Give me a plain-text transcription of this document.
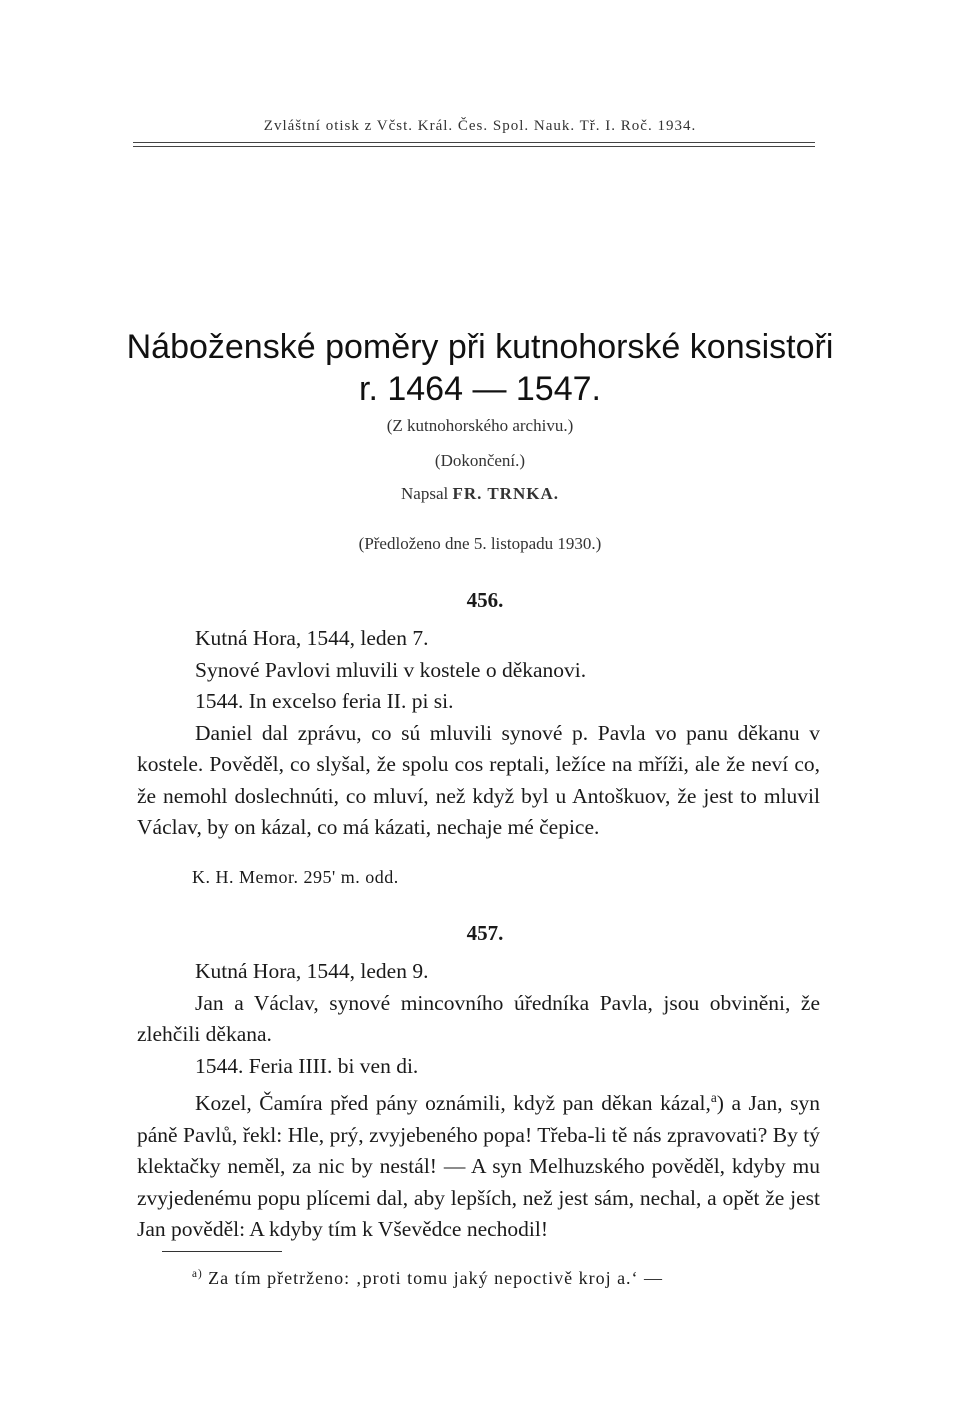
Zvláštní otisk z Včst. Král. Čes. Spol. Nauk. Tř. I. Roč. 1934.
Náboženské poměry při kutnohorské konsistoři
r. 1464 — 1547.
(Z kutnohorského archivu.)
(Dokončení.)
Napsal FR. TRNKA.
(Předloženo dne 5. listopadu 1930.)
456.

Kutná Hora, 1544, leden 7.

Synové Pavlovi mluvili v kostele o děkanovi.

1544. In excelso feria II. pi si.

Daniel dal zprávu, co sú mluvili synové p. Pavla vo panu děkanu v kostele. Pověděl, co slyšal, že spolu cos reptali, ležíce na mříži, ale že neví co, že nemohl doslechnúti, co mluví, než když byl u Antoškuov, že jest to mluvil Václav, by on kázal, co má kázati, nechaje mé čepice.

K. H. Memor. 295' m. odd.
457.

Kutná Hora, 1544, leden 9.

Jan a Václav, synové mincovního úředníka Pavla, jsou obviněni, že zlehčili děkana.

1544. Feria IIII. bi ven di.

Kozel, Čamíra před pány oznámili, když pan děkan kázal,$^a$) a Jan, syn páně Pavlů, řekl: Hle, prý, zvyjebeného popa! Třeba-li tě nás zpravovati? By tý klektačky neměl, za nic by nestál! — A syn Melhuzského pověděl, kdyby mu zvyjedenému popu plícemi dal, aby lepších, než jest sám, nechal, a opět že jest Jan pověděl: A kdyby tím k Vševědce nechodil!

$^{a)}$ Za tím přetrženo: ‚proti tomu jaký nepoctivě kroj a.‘ —
